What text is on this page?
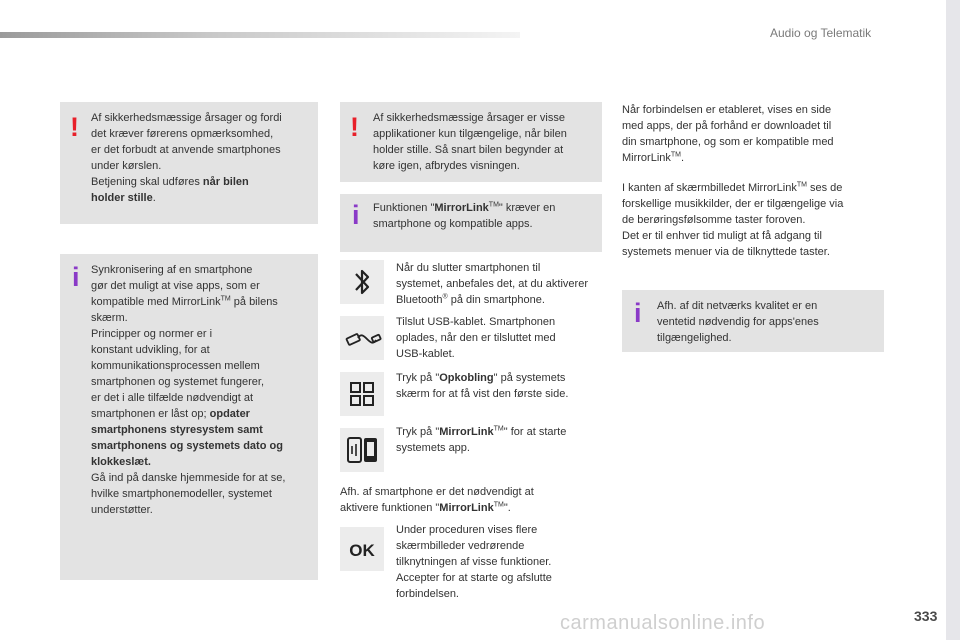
Audio og Telematik
! Af sikkerhedsmæssige årsager og fordi

det kræver førerens opmærksomhed,

er det forbudt at anvende smartphones

under kørslen.

Betjening skal udføres når bilen

holder stille.

i Synkronisering af en smartphone

gør det muligt at vise apps, som er

kompatible med MirrorLink™ på bilens

skærm.

Principper og normer er i

konstant udvikling, for at

kommunikationsprocessen mellem

smartphonen og systemet fungerer,

er det i alle tilfælde nødvendigt at

smartphonen er låst op; opdater

smartphonens styresystem samt

smartphonens og systemets dato og

klokkeslæt.

Gå ind på danske hjemmeside for at se,

hvilke smartphonemodeller, systemet

understøtter.

! Af sikkerhedsmæssige årsager er visse

applikationer kun tilgængelige, når bilen

holder stille. Så snart bilen begynder at

køre igen, afbrydes visningen.

i Funktionen "MirrorLink™" kræver en

smartphone og kompatible apps.

Når du slutter smartphonen til

systemet, anbefales det, at du aktiverer

Bluetooth® på din smartphone.

Tilslut USB-kablet. Smartphonen

oplades, når den er tilsluttet med

USB-kablet.

Tryk på "Opkobling" på systemets

skærm for at få vist den første side.

Tryk på "MirrorLink™" for at starte

systemets app.

Afh. af smartphone er det nødvendigt at

aktivere funktionen "MirrorLink™".

OK

Under proceduren vises flere

skærmbilleder vedrørende

tilknytningen af visse funktioner.

Accepter for at starte og afslutte

forbindelsen.

Når forbindelsen er etableret, vises en side

med apps, der på forhånd er downloadet til

din smartphone, og som er kompatible med

MirrorLink™.

I kanten af skærmbilledet MirrorLink™ ses de

forskellige musikkilder, der er tilgængelige via

de berøringsfølsomme taster foroven.

Det er til enhver tid muligt at få adgang til

systemets menuer via de tilknyttede taster.

i Afh. af dit netværks kvalitet er en

ventetid nødvendig for apps'enes

tilgængelighed.

carmanualsonline.info	333
